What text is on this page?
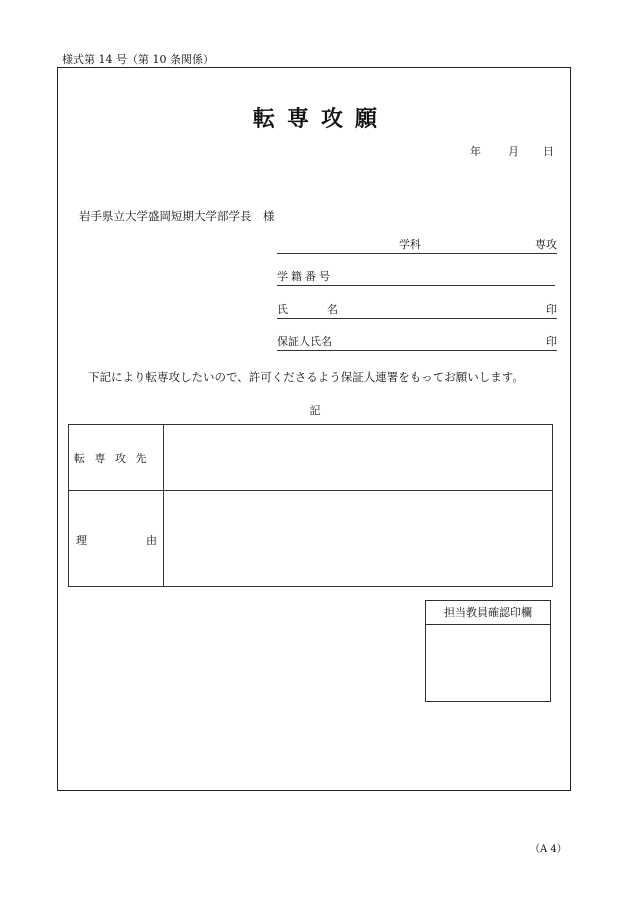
様式第 14 号（第 10 条関係）
転専攻願
年 月 日
岩手県立大学盛岡短期大学部学長　様
学科	専攻
学籍番号
氏	名	印
保証人氏名	印
下記により転専攻したいので、許可くださるよう保証人連署をもってお願いします。
記
転 専 攻 先
理	由
担当教員確認印欄
（A 4）
